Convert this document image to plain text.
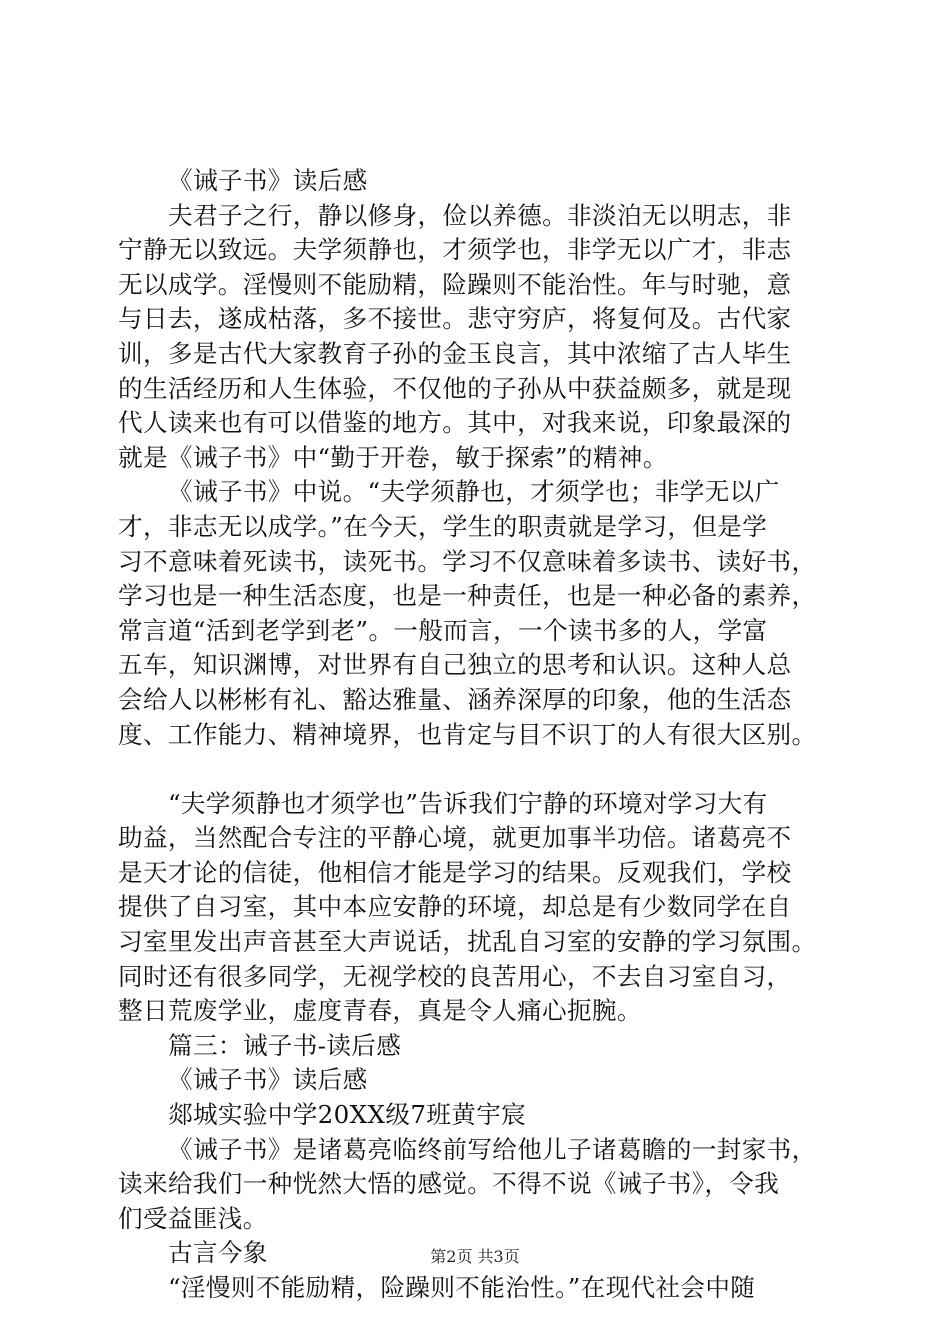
《诫子书》读后感
夫君子之行，静以修身，俭以养德。非淡泊无以明志，非
宁静无以致远。夫学须静也，才须学也，非学无以广才，非志
无以成学。淫慢则不能励精，险躁则不能治性。年与时驰，意
与日去，遂成枯落，多不接世。悲守穷庐，将复何及。古代家
训，多是古代大家教育子孙的金玉良言，其中浓缩了古人毕生
的生活经历和人生体验，不仅他的子孙从中获益颇多，就是现
代人读来也有可以借鉴的地方。其中，对我来说，印象最深的
就是《诫子书》中“勤于开卷，敏于探索”的精神。
《诫子书》中说。“夫学须静也，才须学也；非学无以广
才，非志无以成学。”在今天，学生的职责就是学习，但是学
习不意味着死读书，读死书。学习不仅意味着多读书、读好书，
学习也是一种生活态度，也是一种责任，也是一种必备的素养，
常言道“活到老学到老”。一般而言，一个读书多的人，学富
五车，知识渊博，对世界有自己独立的思考和认识。这种人总
会给人以彬彬有礼、豁达雅量、涵养深厚的印象，他的生活态
度、工作能力、精神境界，也肯定与目不识丁的人有很大区别。
“夫学须静也才须学也”告诉我们宁静的环境对学习大有
助益，当然配合专注的平静心境，就更加事半功倍。诸葛亮不
是天才论的信徒，他相信才能是学习的结果。反观我们，学校
提供了自习室，其中本应安静的环境，却总是有少数同学在自
习室里发出声音甚至大声说话，扰乱自习室的安静的学习氛围。
同时还有很多同学，无视学校的良苦用心，不去自习室自习，
整日荒废学业，虚度青春，真是令人痛心扼腕。
篇三：诫子书-读后感
《诫子书》读后感
郯城实验中学20XX级7班黄宇宸
《诫子书》是诸葛亮临终前写给他儿子诸葛瞻的一封家书，
读来给我们一种恍然大悟的感觉。不得不说《诫子书》，令我
们受益匪浅。
古言今象
“淫慢则不能励精，险躁则不能治性。”在现代社会中随
第2页 共3页
